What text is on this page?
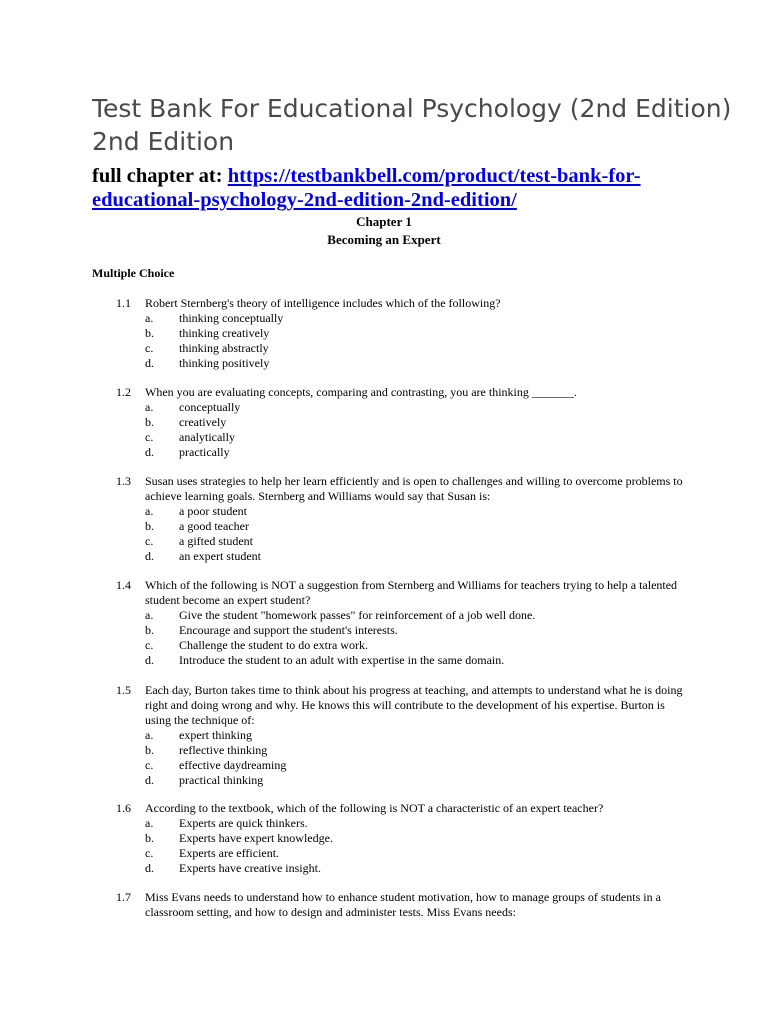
Test Bank For Educational Psychology (2nd Edition) 2nd Edition
full chapter at: https://testbankbell.com/product/test-bank-for-educational-psychology-2nd-edition-2nd-edition/
Chapter 1
Becoming an Expert
Multiple Choice
1.1	Robert Sternberg's theory of intelligence includes which of the following?
a.	thinking conceptually
b.	thinking creatively
c.	thinking abstractly
d.	thinking positively
1.2	When you are evaluating concepts, comparing and contrasting, you are thinking _______.
a.	conceptually
b.	creatively
c.	analytically
d.	practically
1.3	Susan uses strategies to help her learn efficiently and is open to challenges and willing to overcome problems to achieve learning goals. Sternberg and Williams would say that Susan is:
a.	a poor student
b.	a good teacher
c.	a gifted student
d.	an expert student
1.4	Which of the following is NOT a suggestion from Sternberg and Williams for teachers trying to help a talented student become an expert student?
a.	Give the student "homework passes" for reinforcement of a job well done.
b.	Encourage and support the student's interests.
c.	Challenge the student to do extra work.
d.	Introduce the student to an adult with expertise in the same domain.
1.5	Each day, Burton takes time to think about his progress at teaching, and attempts to understand what he is doing right and doing wrong and why. He knows this will contribute to the development of his expertise. Burton is using the technique of:
a.	expert thinking
b.	reflective thinking
c.	effective daydreaming
d.	practical thinking
1.6	According to the textbook, which of the following is NOT a characteristic of an expert teacher?
a.	Experts are quick thinkers.
b.	Experts have expert knowledge.
c.	Experts are efficient.
d.	Experts have creative insight.
1.7	Miss Evans needs to understand how to enhance student motivation, how to manage groups of students in a classroom setting, and how to design and administer tests. Miss Evans needs:
